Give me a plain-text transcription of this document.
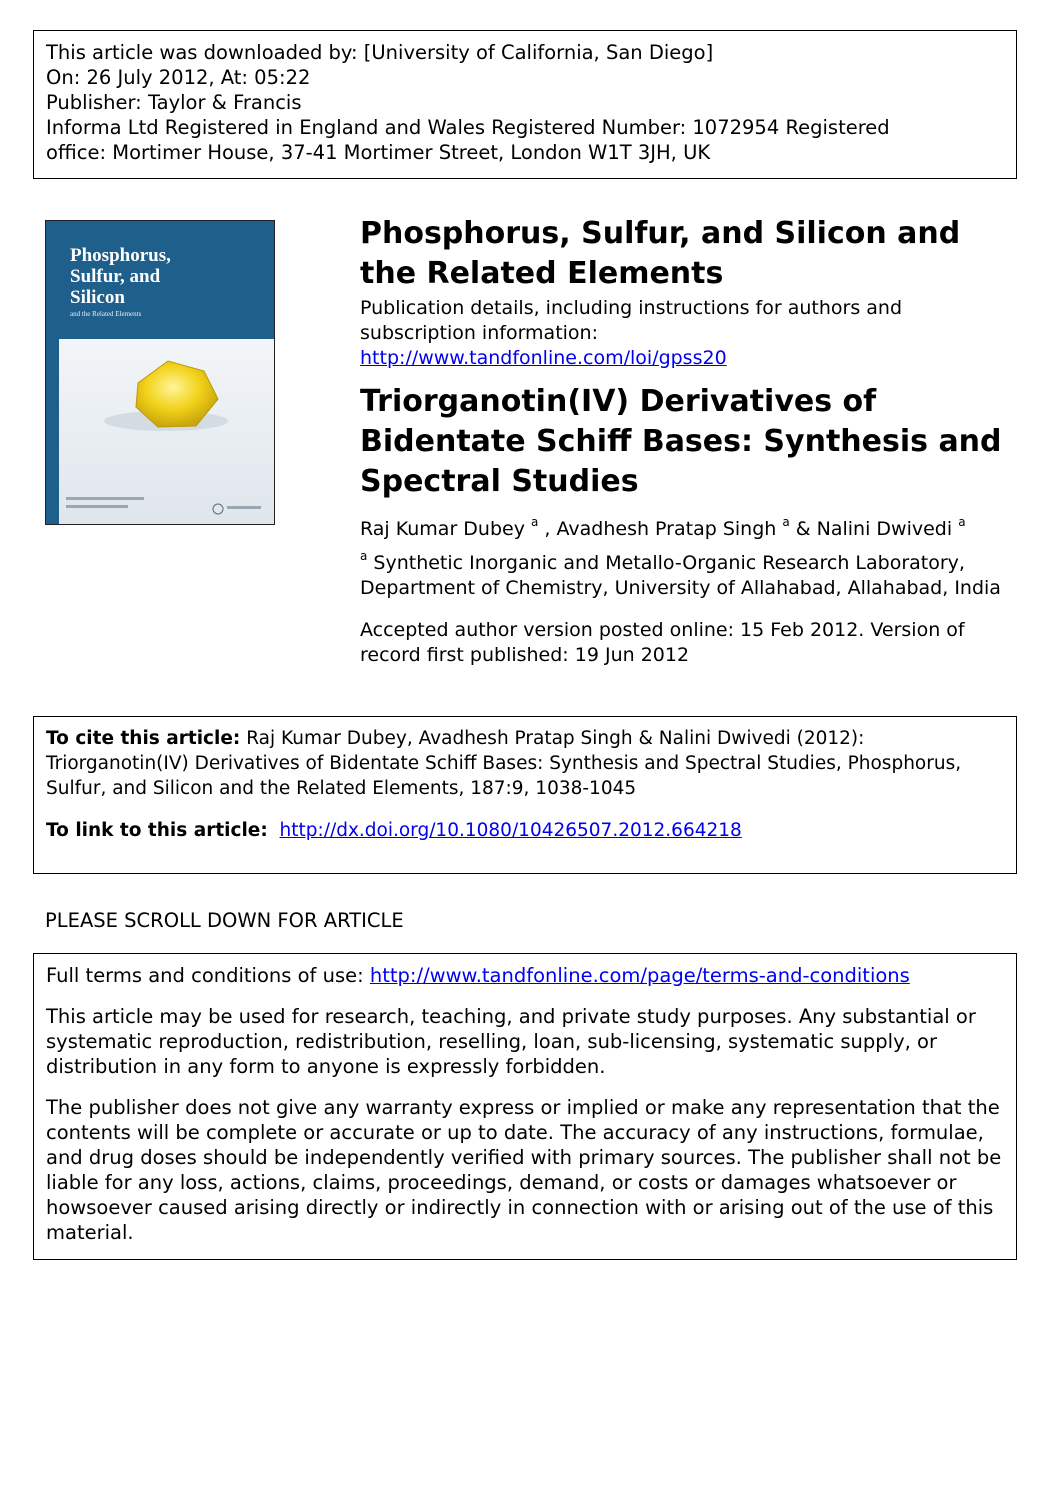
This article was downloaded by: [University of California, San Diego]
On: 26 July 2012, At: 05:22
Publisher: Taylor & Francis
Informa Ltd Registered in England and Wales Registered Number: 1072954 Registered
office: Mortimer House, 37-41 Mortimer Street, London W1T 3JH, UK
Phosphorus,
Sulfur, and
Silicon
and the Related Elements
Phosphorus, Sulfur, and Silicon and the Related Elements
Publication details, including instructions for authors and subscription information:
http://www.tandfonline.com/loi/gpss20
Triorganotin(IV) Derivatives of Bidentate Schiff Bases: Synthesis and Spectral Studies
Raj Kumar Dubey $^a$ , Avadhesh Pratap Singh $^a$ & Nalini Dwivedi $^a$
$^a$ Synthetic Inorganic and Metallo-Organic Research Laboratory, Department of Chemistry, University of Allahabad, Allahabad, India
Accepted author version posted online: 15 Feb 2012. Version of record first published: 19 Jun 2012
To cite this article: Raj Kumar Dubey, Avadhesh Pratap Singh & Nalini Dwivedi (2012): Triorganotin(IV) Derivatives of Bidentate Schiff Bases: Synthesis and Spectral Studies, Phosphorus, Sulfur, and Silicon and the Related Elements, 187:9, 1038-1045
To link to this article: http://dx.doi.org/10.1080/10426507.2012.664218
PLEASE SCROLL DOWN FOR ARTICLE

Full terms and conditions of use: http://www.tandfonline.com/page/terms-and-conditions

This article may be used for research, teaching, and private study purposes. Any substantial or systematic reproduction, redistribution, reselling, loan, sub-licensing, systematic supply, or distribution in any form to anyone is expressly forbidden.

The publisher does not give any warranty express or implied or make any representation that the contents will be complete or accurate or up to date. The accuracy of any instructions, formulae, and drug doses should be independently verified with primary sources. The publisher shall not be liable for any loss, actions, claims, proceedings, demand, or costs or damages whatsoever or howsoever caused arising directly or indirectly in connection with or arising out of the use of this material.
